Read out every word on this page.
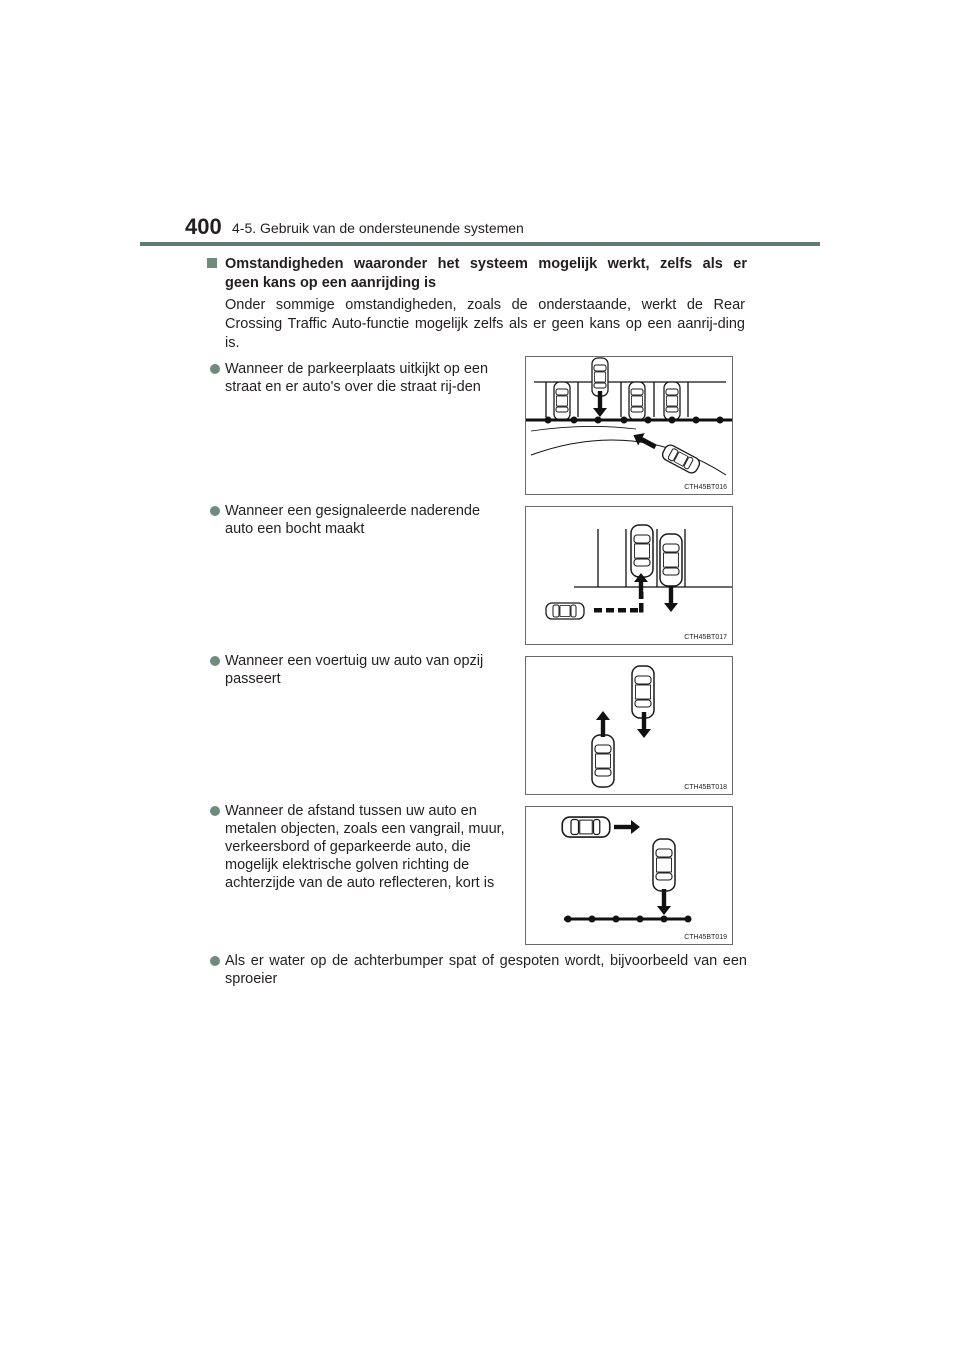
400 4-5. Gebruik van de ondersteunende systemen
Omstandigheden waaronder het systeem mogelijk werkt, zelfs als er
geen kans op een aanrijding is
Onder sommige omstandigheden, zoals de onderstaande, werkt de Rear Crossing Traffic Auto-functie mogelijk zelfs als er geen kans op een aanrij-ding is.
Wanneer de parkeerplaats uitkijkt op een straat en er auto's over die straat rij-den
CTH45BT016
Wanneer een gesignaleerde naderende auto een bocht maakt
CTH45BT017
Wanneer een voertuig uw auto van opzij passeert
CTH45BT018
Wanneer de afstand tussen uw auto en metalen objecten, zoals een vangrail, muur, verkeersbord of geparkeerde auto, die mogelijk elektrische golven richting de achterzijde van de auto reflecteren, kort is
CTH45BT019
Als er water op de achterbumper spat of gespoten wordt, bijvoorbeeld van een sproeier
